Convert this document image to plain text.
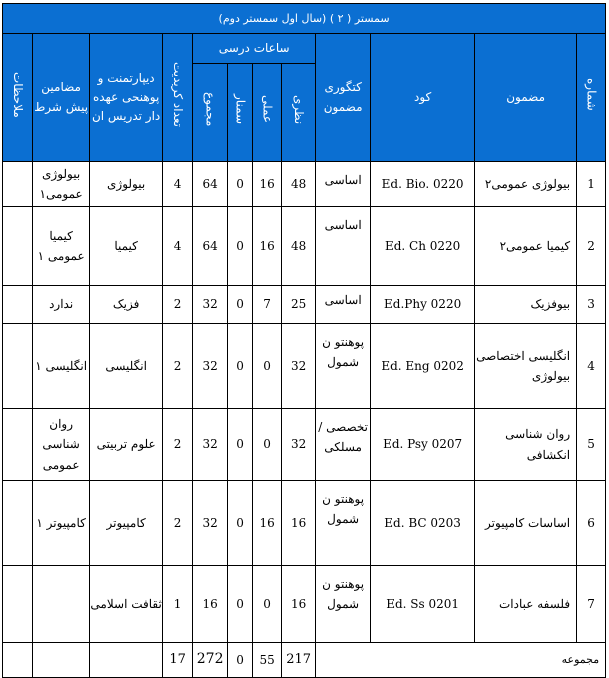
سمستر ( ۲ ) (سال اول سمستر دوم)											
شماره	مضمون	کود	کتگوری مضمون	ساعات درسی				تعداد کریدیت	دیپارتمنت و پوهنحی عهده دار تدریس ان	مضامین پیش شرط	ملاحظات
				نظری	عملی	سمنار	مجموع				
1	بیولوژی عمومی۲	Ed. Bio. 0220	اساسی	48	16	0	64	4	بیولوژی	بیولوژی عمومی۱	
2	کیمیا عمومی۲	Ed. Ch 0220	اساسی	48	16	0	64	4	کیمیا	کیمیا عمومی ۱	
3	بیوفزیک	Ed.Phy 0220	اساسی	25	7	0	32	2	فزیک	ندارد	
4	انگلیسی اختصاصی بیولوژی	Ed. Eng 0202	پوهنتو ن شمول	32	0	0	32	2	انگلیسی	انگلیسی ۱	
5	روان شناسی انکشافی	Ed. Psy 0207	تخصصی / مسلکی	32	0	0	32	2	علوم تربیتی	روان شناسی عمومی	
6	اساسات کامپیوتر	Ed. BC 0203	پوهنتو ن شمول	16	16	0	32	2	کامپیوتر	کامپیوتر ۱	
7	فلسفه عبادات	Ed. Ss 0201	پوهنتو ن شمول	16	0	0	16	1	ثقافت اسلامی		
مجموعه				217	55	0	272	17			
